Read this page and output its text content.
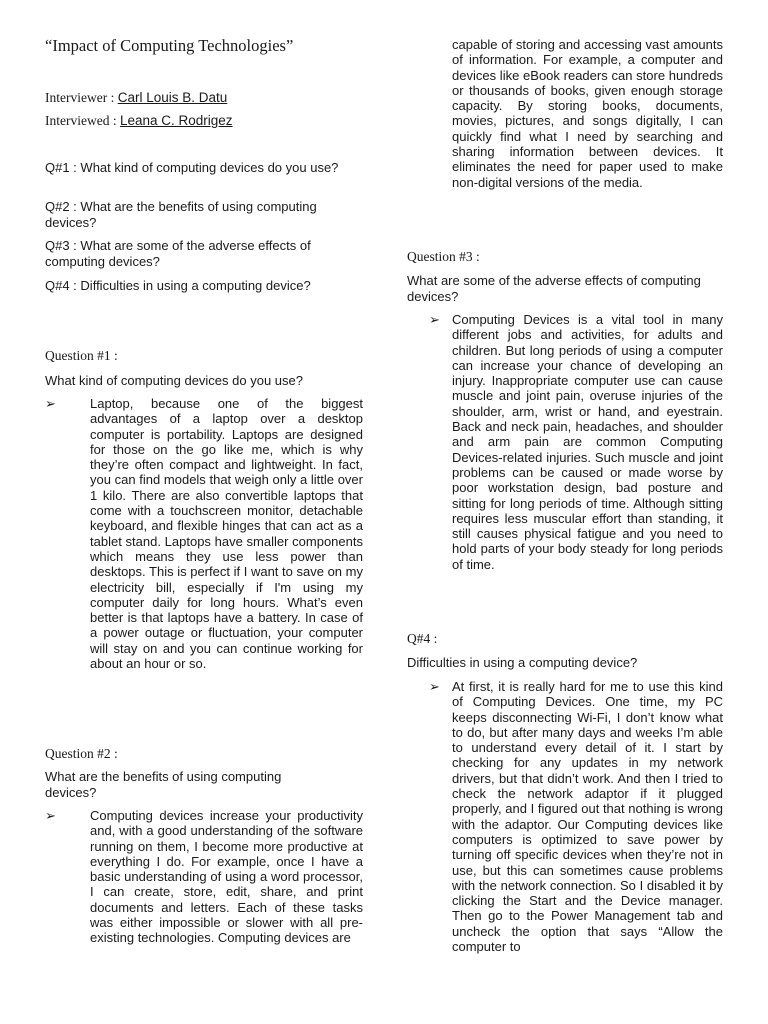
“Impact of Computing Technologies”
Interviewer : Carl Louis B. Datu
Interviewed : Leana C. Rodrigez
Q#1 : What kind of computing devices do you use?
Q#2 : What are the benefits of using computing devices?
Q#3 : What are some of the adverse effects of computing devices?
Q#4 : Difficulties in using a computing device?
Question #1 :
What kind of computing devices do you use?
➢	Laptop, because one of the biggest advantages of a laptop over a desktop computer is portability. Laptops are designed for those on the go like me, which is why they’re often compact and lightweight. In fact, you can find models that weigh only a little over 1 kilo. There are also convertible laptops that come with a touchscreen monitor, detachable keyboard, and flexible hinges that can act as a tablet stand. Laptops have smaller components which means they use less power than desktops. This is perfect if I want to save on my electricity bill, especially if I'm using my computer daily for long hours. What’s even better is that laptops have a battery. In case of a power outage or fluctuation, your computer will stay on and you can continue working for about an hour or so.
Question #2 :
What are the benefits of using computing devices?
➢	Computing devices increase your productivity and, with a good understanding of the software running on them, I become more productive at everything I do. For example, once I have a basic understanding of using a word processor, I can create, store, edit, share, and print documents and letters. Each of these tasks was either impossible or slower with all pre-existing technologies. Computing devices are
capable of storing and accessing vast amounts of information. For example, a computer and devices like eBook readers can store hundreds or thousands of books, given enough storage capacity. By storing books, documents, movies, pictures, and songs digitally, I can quickly find what I need by searching and sharing information between devices. It eliminates the need for paper used to make non-digital versions of the media.
Question #3 :
What are some of the adverse effects of computing devices?
➢ Computing Devices is a vital tool in many different jobs and activities, for adults and children. But long periods of using a computer can increase your chance of developing an injury. Inappropriate computer use can cause muscle and joint pain, overuse injuries of the shoulder, arm, wrist or hand, and eyestrain. Back and neck pain, headaches, and shoulder and arm pain are common Computing Devices-related injuries. Such muscle and joint problems can be caused or made worse by poor workstation design, bad posture and sitting for long periods of time. Although sitting requires less muscular effort than standing, it still causes physical fatigue and you need to hold parts of your body steady for long periods of time.
Q#4 :
Difficulties in using a computing device?
➢ At first, it is really hard for me to use this kind of Computing Devices. One time, my PC keeps disconnecting Wi-Fi, I don’t know what to do, but after many days and weeks I’m able to understand every detail of it. I start by checking for any updates in my network drivers, but that didn’t work. And then I tried to check the network adaptor if it plugged properly, and I figured out that nothing is wrong with the adaptor. Our Computing devices like computers is optimized to save power by turning off specific devices when they’re not in use, but this can sometimes cause problems with the network connection. So I disabled it by clicking the Start and the Device manager. Then go to the Power Management tab and uncheck the option that says “Allow the computer to
